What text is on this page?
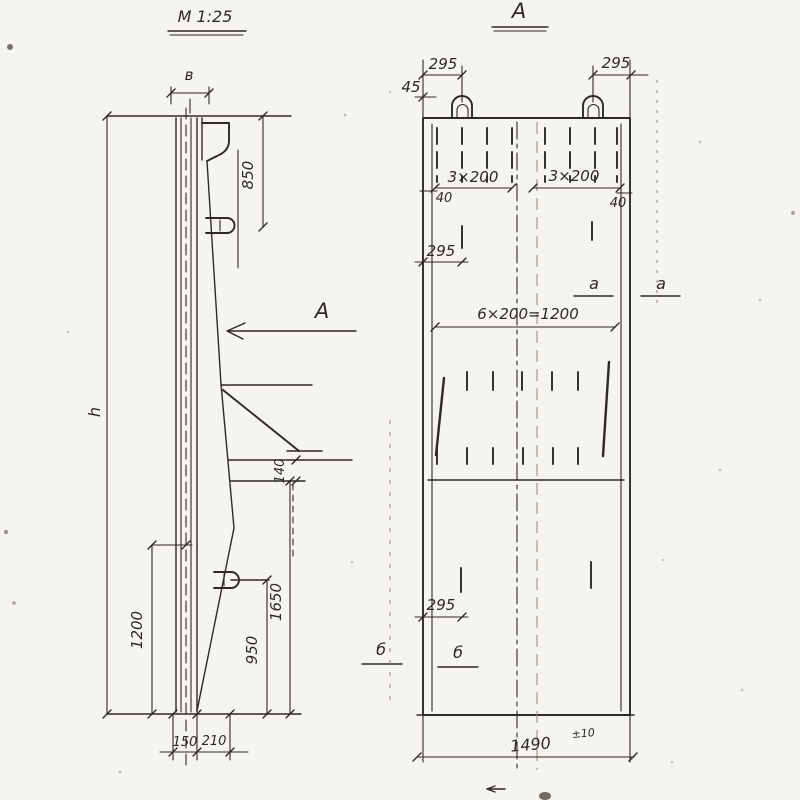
М 1:25
h
в
850
А
140
1200
950
1650
150 210
А
295	295
45
3×200	3×200
40	40
295
а	а
6×200=1200
295
б	б
1490 ±10
